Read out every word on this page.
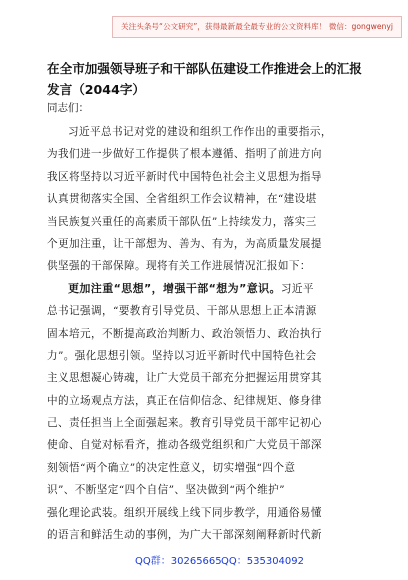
关注头条号“公文研究”，获得最新最全最专业的公文资料库！ 微信：gongwenyj
在全市加强领导班子和干部队伍建设工作推进会上的汇报
发言（2044字）
同志们：
习近平总书记对党的建设和组织工作作出的重要指示，
为我们进一步做好工作提供了根本遵循、指明了前进方向
我区将坚持以习近平新时代中国特色社会主义思想为指导
认真贯彻落实全国、全省组织工作会议精神，在“建设堪
当民族复兴重任的高素质干部队伍”上持续发力，落实三
个更加注重，让干部想为、善为、有为，为高质量发展提
供坚强的干部保障。现将有关工作进展情况汇报如下：
更加注重“思想”，增强干部“想为”意识。习近平
总书记强调，“要教育引导党员、干部从思想上正本清源
固本培元，不断提高政治判断力、政治领悟力、政治执行
力”。强化思想引领。坚持以习近平新时代中国特色社会
主义思想凝心铸魂，让广大党员干部充分把握运用贯穿其
中的立场观点方法，真正在信仰信念、纪律规矩、修身律
己、责任担当上全面强起来。教育引导党员干部牢记初心
使命、自觉对标看齐，推动各级党组织和广大党员干部深
刻领悟“两个确立”的决定性意义，切实增强“四个意
识”、不断坚定“四个自信”、坚决做到“两个维护”
强化理论武装。组织开展线上线下同步教学，用通俗易懂
的语言和鲜活生动的事例，为广大干部深刻阐释新时代新
QQ群：30265665 QQ：535304092
